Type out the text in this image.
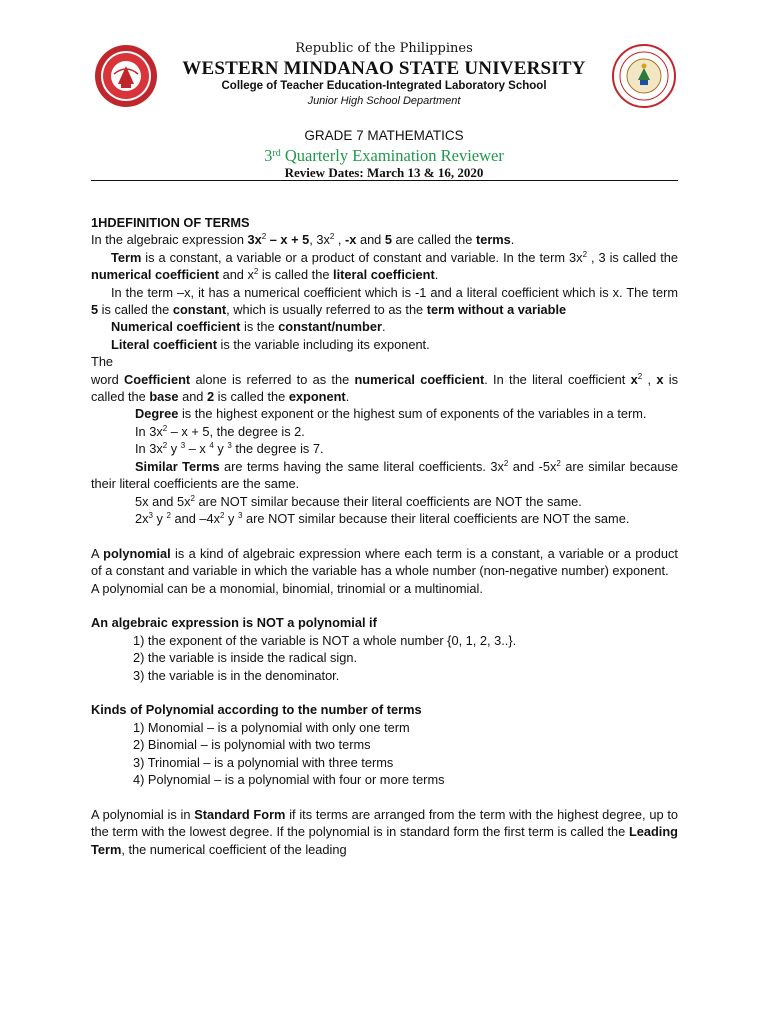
Republic of the Philippines
WESTERN MINDANAO STATE UNIVERSITY
College of Teacher Education-Integrated Laboratory School
Junior High School Department
GRADE 7 MATHEMATICS
3rd Quarterly Examination Reviewer
Review Dates: March 13 & 16, 2020

1HDEFINITION OF TERMS

In the algebraic expression $3x^2 - x + 5$, $3x^2$ , -x and 5 are called the terms.

Term is a constant, a variable or a product of constant and variable. In the term $3x^2$ , 3 is called the numerical coefficient and $x^2$ is called the literal coefficient.

In the term –x, it has a numerical coefficient which is -1 and a literal coefficient which is x. The term 5 is called the constant, which is usually referred to as the term without a variable

Numerical coefficient is the constant/number.

Literal coefficient is the variable including its exponent.

The

word Coefficient alone is referred to as the numerical coefficient. In the literal coefficient $x^2$ , x is called the base and 2 is called the exponent.

Degree is the highest exponent or the highest sum of exponents of the variables in a term.

In $3x^2 - x + 5$, the degree is 2.

In $3x^2$ y $^3$ – x $^4$ y $^3$ the degree is 7.

Similar Terms are terms having the same literal coefficients. $3x^2$ and $-5x^2$ are similar because their literal coefficients are the same.

5x and $5x^2$ are NOT similar because their literal coefficients are NOT the same.

$2x^3$ y $^2$ and $-4x^2$ y $^3$ are NOT similar because their literal coefficients are NOT the same.

A polynomial is a kind of algebraic expression where each term is a constant, a variable or a product of a constant and variable in which the variable has a whole number (non-negative number) exponent.

A polynomial can be a monomial, binomial, trinomial or a multinomial.

An algebraic expression is NOT a polynomial if

1) the exponent of the variable is NOT a whole number {0, 1, 2, 3..}.

2) the variable is inside the radical sign.

3) the variable is in the denominator.

Kinds of Polynomial according to the number of terms

1) Monomial – is a polynomial with only one term

2) Binomial – is polynomial with two terms

3) Trinomial – is a polynomial with three terms

4) Polynomial – is a polynomial with four or more terms

A polynomial is in Standard Form if its terms are arranged from the term with the highest degree, up to the term with the lowest degree. If the polynomial is in standard form the first term is called the Leading Term, the numerical coefficient of the leading
